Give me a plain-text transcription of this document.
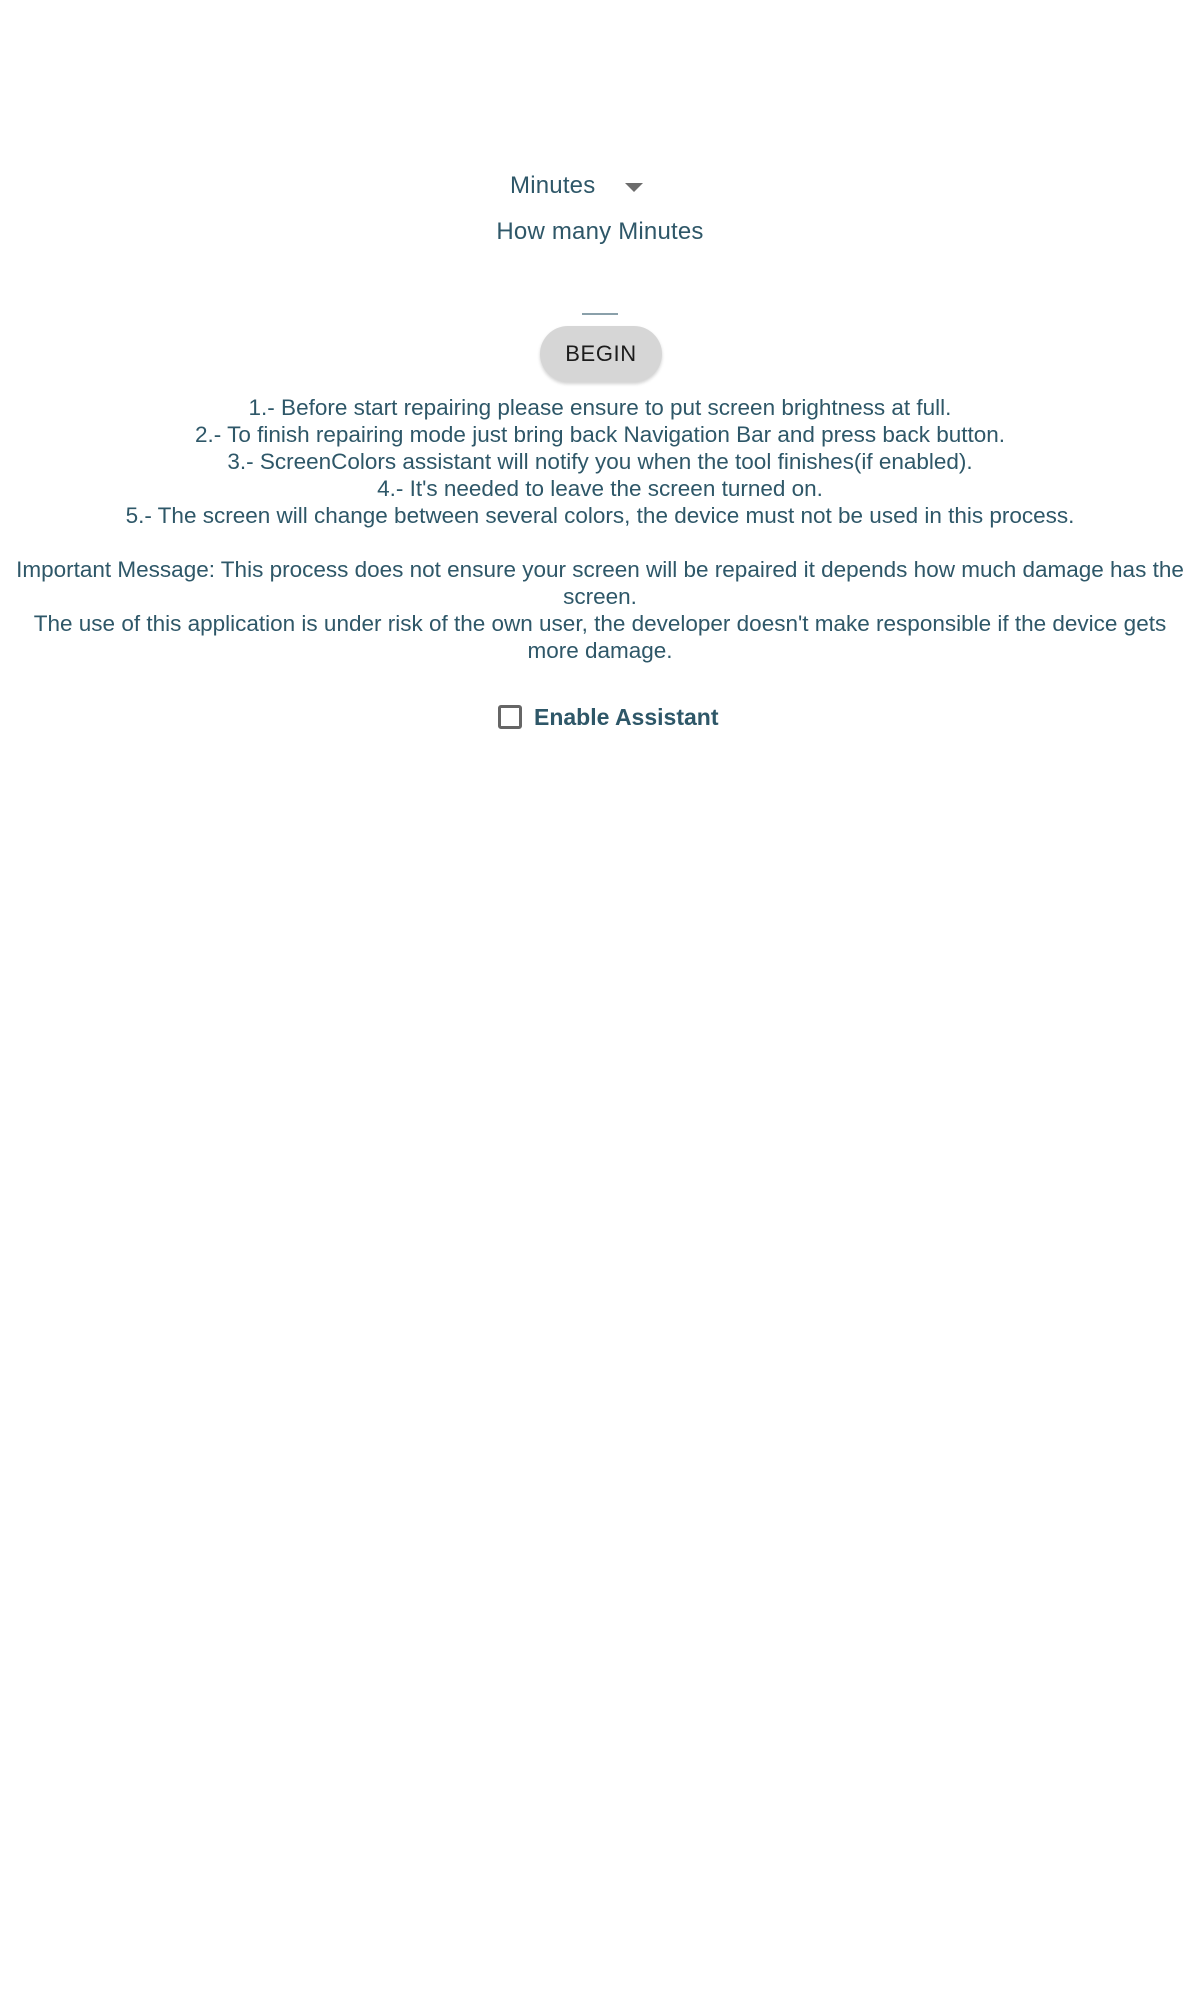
Minutes
How many Minutes
BEGIN
1.- Before start repairing please ensure to put screen brightness at full.
2.- To finish repairing mode just bring back Navigation Bar and press back button.
3.- ScreenColors assistant will notify you when the tool finishes(if enabled).
4.- It's needed to leave the screen turned on.
5.- The screen will change between several colors, the device must not be used in this process.
Important Message: This process does not ensure your screen will be repaired it depends how much damage has the screen.
The use of this application is under risk of the own user, the developer doesn't make responsible if the device gets more damage.
Enable Assistant
